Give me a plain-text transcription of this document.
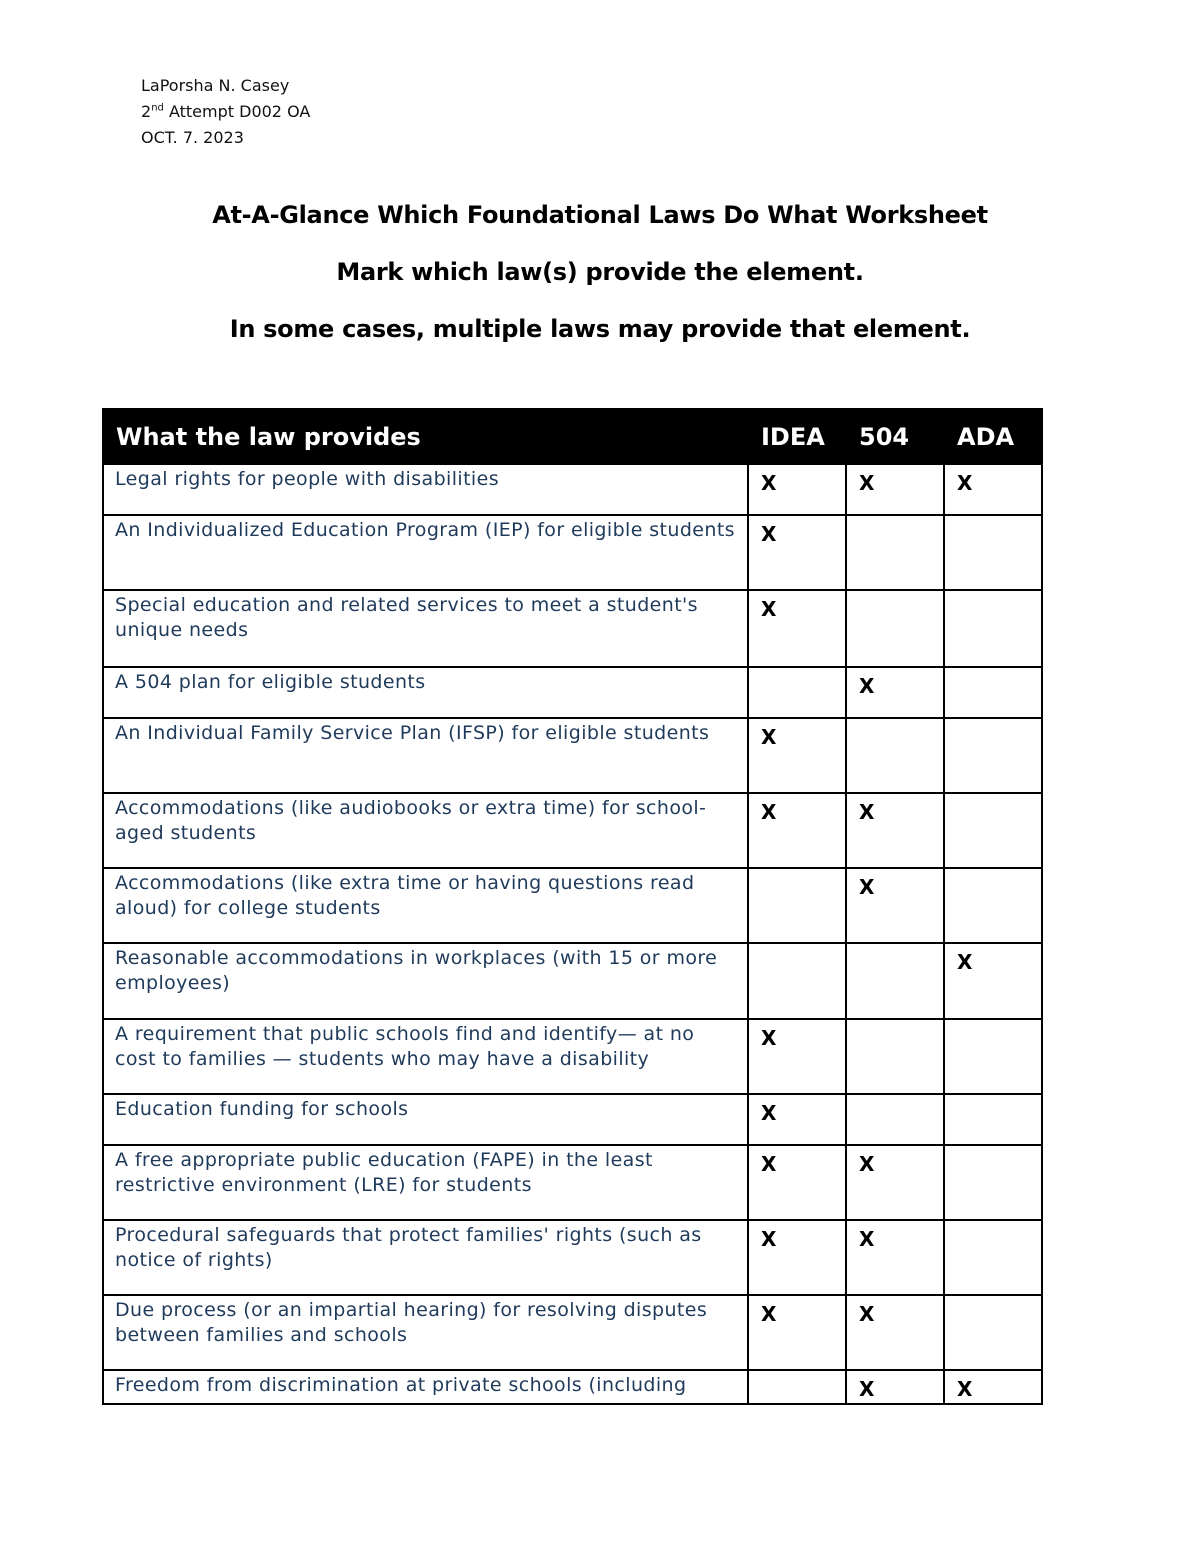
LaPorsha N. Casey
2nd Attempt D002 OA
OCT. 7. 2023
At-A-Glance Which Foundational Laws Do What Worksheet
Mark which law(s) provide the element.
In some cases, multiple laws may provide that element.
What the law provides	IDEA	504	ADA
Legal rights for people with disabilities	X	X	X
An Individualized Education Program (IEP) for eligible students	X		
Special education and related services to meet a student's unique needs	X		
A 504 plan for eligible students		X	
An Individual Family Service Plan (IFSP) for eligible students	X		
Accommodations (like audiobooks or extra time) for school-aged students	X	X	
Accommodations (like extra time or having questions read aloud) for college students		X	
Reasonable accommodations in workplaces (with 15 or more employees)			X
A requirement that public schools find and identify— at no cost to families — students who may have a disability	X		
Education funding for schools	X		
A free appropriate public education (FAPE) in the least restrictive environment (LRE) for students	X	X	
Procedural safeguards that protect families' rights (such as notice of rights)	X	X	
Due process (or an impartial hearing) for resolving disputes between families and schools	X	X	
Freedom from discrimination at private schools (including		X	X
